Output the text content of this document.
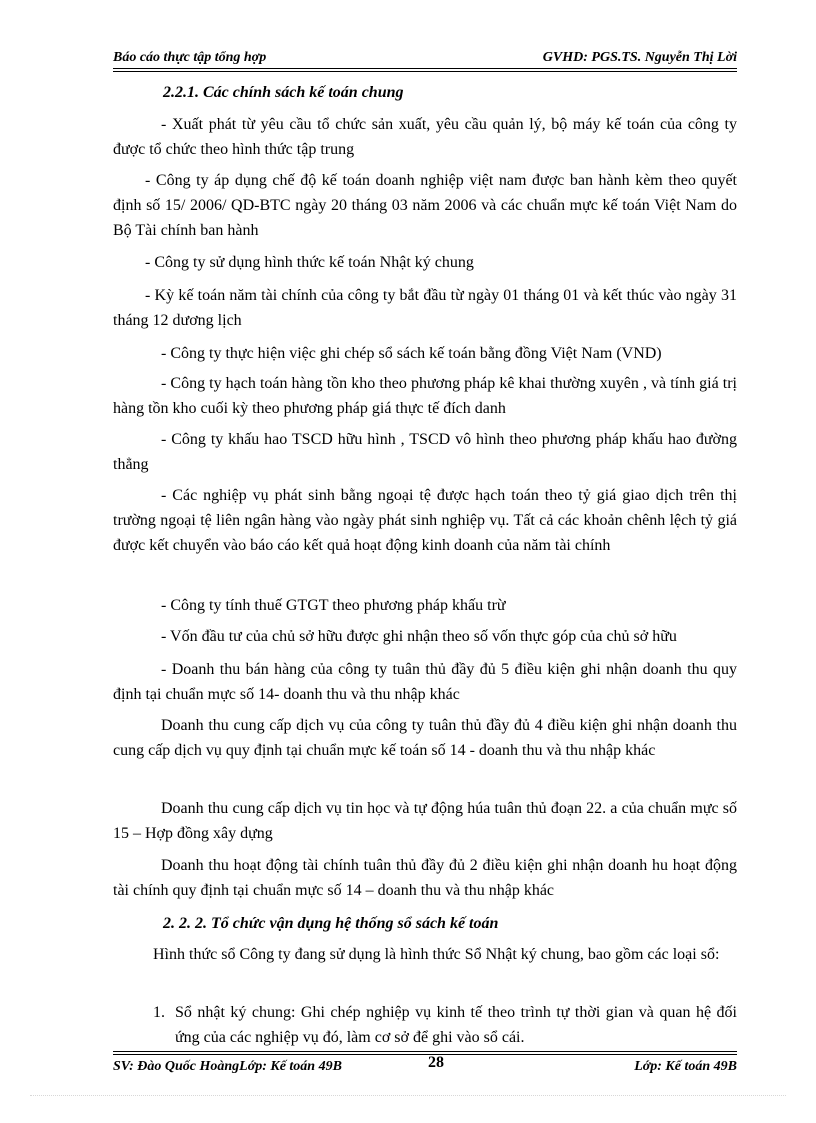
Báo cáo thực tập tổng hợp	GVHD: PGS.TS. Nguyễn Thị Lời
2.2.1. Các chính sách kế toán chung
- Xuất phát từ yêu cầu tổ chức sản xuất, yêu cầu quản lý, bộ máy kế toán của công ty được tổ chức theo hình thức tập trung
- Công ty áp dụng chế độ kế toán doanh nghiệp việt nam được ban hành kèm theo quyết định số 15/ 2006/ QD-BTC ngày 20 tháng 03 năm 2006 và các chuẩn mực kế toán Việt Nam do Bộ Tài chính ban hành
- Công ty sử dụng hình thức kế toán Nhật ký chung
- Kỳ kế toán năm tài chính của công ty bắt đầu từ ngày 01 tháng 01 và kết thúc vào ngày 31 tháng 12 dương lịch
- Công ty thực hiện việc ghi chép sổ sách kế toán bằng đồng Việt Nam (VND)
- Công ty hạch toán hàng tồn kho theo phương pháp kê khai thường xuyên , và tính giá trị hàng tồn kho cuối kỳ theo phương pháp giá thực tế đích danh
- Công ty khấu hao TSCD hữu hình , TSCD vô hình theo phương pháp khấu hao đường thẳng
- Các nghiệp vụ phát sinh bằng ngoại tệ được hạch toán theo tỷ giá giao dịch trên thị trường ngoại tệ liên ngân hàng vào ngày phát sinh nghiệp vụ. Tất cả các khoản chênh lệch tỷ giá được kết chuyển vào báo cáo kết quả hoạt động kinh doanh của năm tài chính
- Công ty tính thuế GTGT theo phương pháp khấu trừ
- Vốn đầu tư của chủ sở hữu được ghi nhận theo số vốn thực góp của chủ sở hữu
- Doanh thu bán hàng của công ty tuân thủ đầy đủ 5 điều kiện ghi nhận doanh thu quy định tại chuẩn mực số 14- doanh thu và thu nhập khác
Doanh thu cung cấp dịch vụ của công ty tuân thủ đầy đủ 4 điều kiện ghi nhận doanh thu cung cấp dịch vụ quy định tại chuẩn mực kế toán số 14 - doanh thu và thu nhập khác
Doanh thu cung cấp dịch vụ tin học và tự động húa tuân thủ đoạn 22. a của chuẩn mực số 15 – Hợp đồng xây dựng
Doanh thu hoạt động tài chính tuân thủ đầy đủ 2 điều kiện ghi nhận doanh hu hoạt động tài chính quy định tại chuẩn mực số 14 – doanh thu và thu nhập khác
2. 2. 2. Tổ chức vận dụng hệ thống sổ sách kế toán
Hình thức sổ Công ty đang sử dụng là hình thức Sổ Nhật ký chung, bao gồm các loại sổ:
1. Sổ nhật ký chung: Ghi chép nghiệp vụ kinh tế theo trình tự thời gian và quan hệ đối ứng của các nghiệp vụ đó, làm cơ sở để ghi vào sổ cái.
SV: Đào Quốc HoàngLớp: Kế toán 49B	28	Lớp: Kế toán 49B
